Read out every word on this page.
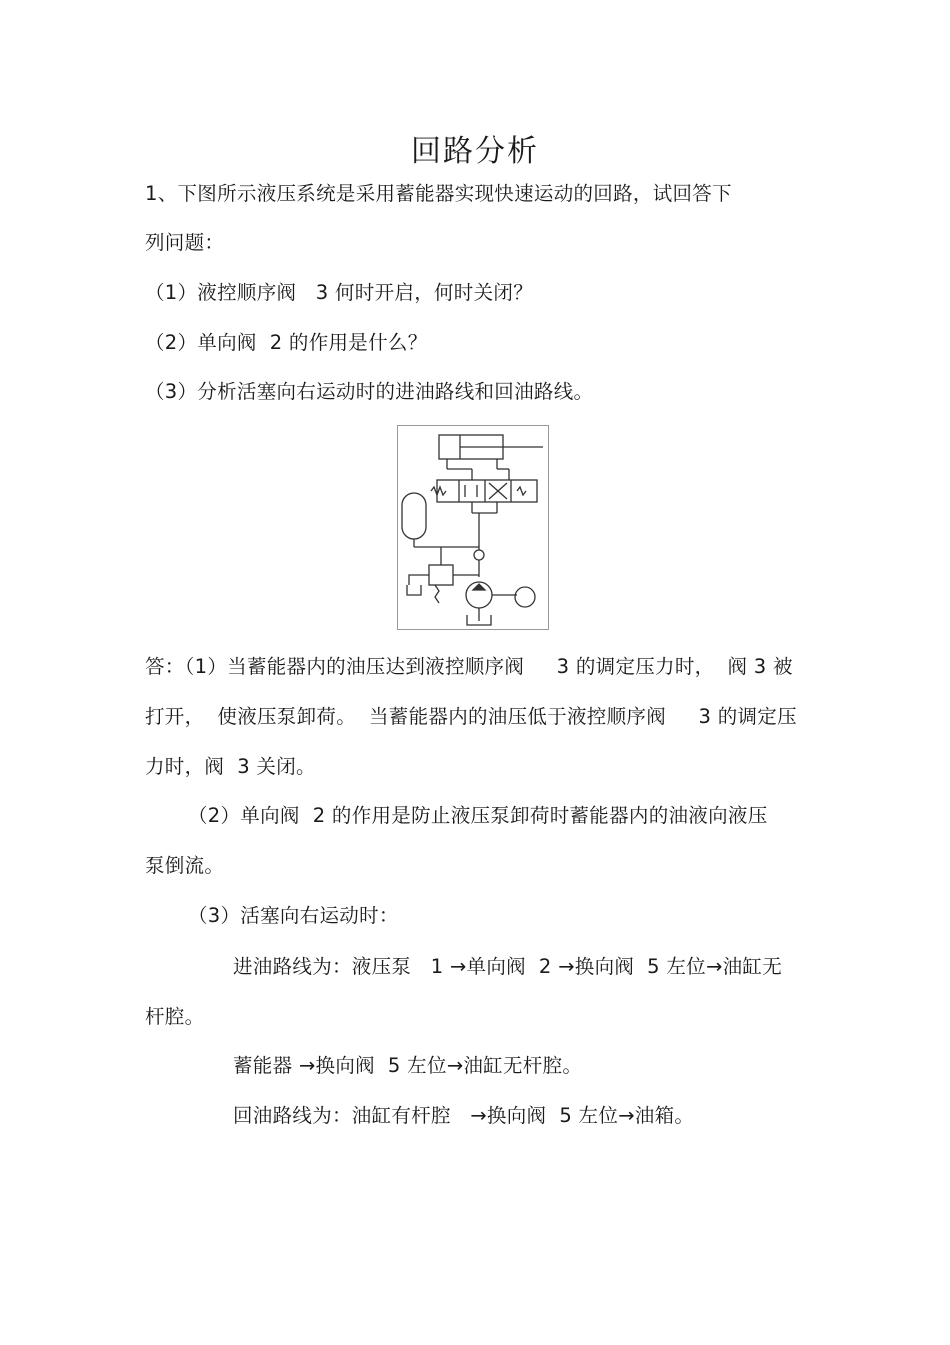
回路分析
1、下图所示液压系统是采用蓄能器实现快速运动的回路，试回答下
列问题：
（1）液控顺序阀   3 何时开启，何时关闭？
（2）单向阀  2 的作用是什么？
（3）分析活塞向右运动时的进油路线和回油路线。
答：（1）当蓄能器内的油压达到液控顺序阀     3 的调定压力时，  阀 3 被
打开，  使液压泵卸荷。  当蓄能器内的油压低于液控顺序阀     3 的调定压
力时，阀  3 关闭。
（2）单向阀  2 的作用是防止液压泵卸荷时蓄能器内的油液向液压
泵倒流。
（3）活塞向右运动时：
进油路线为：液压泵   1 →单向阀  2 →换向阀  5 左位→油缸无
杆腔。
蓄能器 →换向阀  5 左位→油缸无杆腔。
回油路线为：油缸有杆腔   →换向阀  5 左位→油箱。
